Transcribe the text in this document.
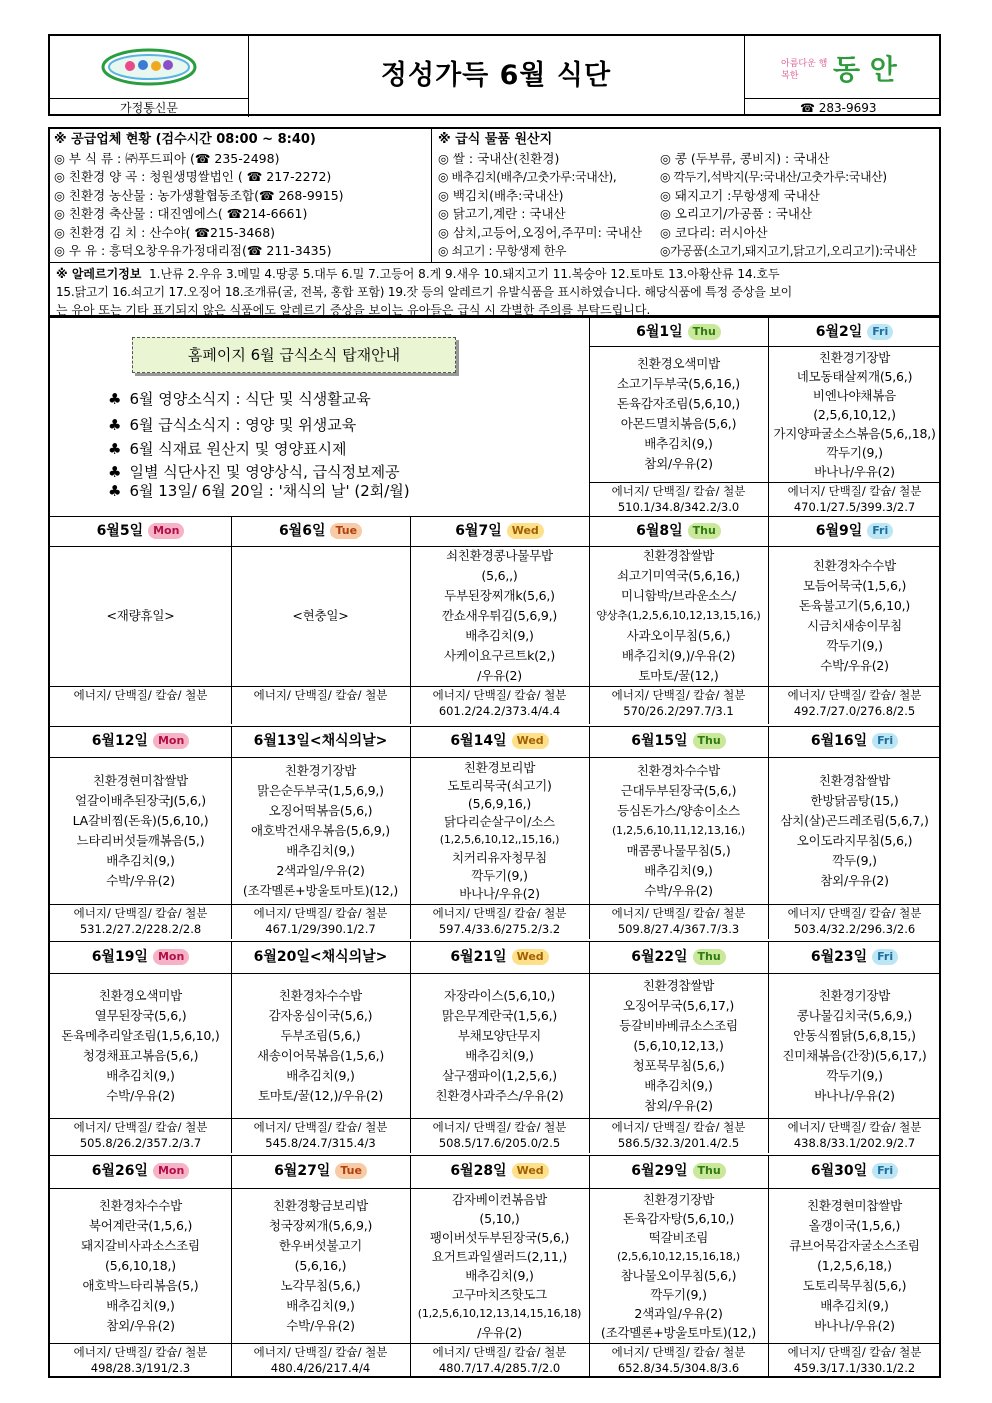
가정통신문
정성가득 6월 식단	아름다운 행복한	동 안
☎ 283-9693
※ 공급업체 현황 (검수시간 08:00 ~ 8:40)
◎ 부 식 류 : ㈜푸드피아 (☎ 235-2498)
◎ 친환경 양 곡 : 청원생명쌀법인 ( ☎ 217-2272)
◎ 친환경 농산물 : 농가생활협동조합(☎ 268-9915)
◎ 친환경 축산물 : 대진엠에스( ☎214-6661)
◎ 친환경 김 치 : 산수야( ☎215-3468)
◎ 우 유 : 흥덕오창우유가정대리점(☎ 211-3435)
※ 급식 물품 원산지
◎ 쌀 : 국내산(친환경)	◎ 콩 (두부류, 콩비지) : 국내산
◎ 배추김치(배추/고춧가루:국내산),	◎ 깍두기,석박지(무:국내산/고춧가루:국내산)
◎ 백김치(배추:국내산)	◎ 돼지고기 :무항생제 국내산
◎ 닭고기,계란 : 국내산	◎ 오리고기/가공품 : 국내산
◎ 삼치,고등어,오징어,주꾸미: 국내산 ◎ 코다리: 러시아산
◎ 쇠고기 : 무항생제 한우	◎가공품(소고기,돼지고기,닭고기,오리고기):국내산
※ 알레르기정보 1.난류 2.우유 3.메밀 4.땅콩 5.대두 6.밀 7.고등어 8.게 9.새우 10.돼지고기 11.복숭아 12.토마토 13.아황산류 14.호두
15.닭고기 16.쇠고기 17.오징어 18.조개류(굴, 전복, 홍합 포함) 19.잣 등의 알레르기 유발식품을 표시하였습니다. 해당식품에 특정 증상을 보이
는 유아 또는 기타 표기되지 않은 식품에도 알레르기 증상을 보이는 유아들은 급식 시 각별한 주의를 부탁드립니다.
홈페이지 6월 급식소식 탑재안내
♣ 6월 영양소식지 : 식단 및 식생활교육
♣ 6월 급식소식지 : 영양 및 위생교육
♣ 6월 식재료 원산지 및 영양표시제
♣ 일별 식단사진 및 영양상식, 급식정보제공
♣ 6월 13일/ 6월 20일 : '채식의 날' (2회/월)
6월1일 Thu
친환경오색미밥
소고기두부국(5,6,16,)
돈육감자조림(5,6,10,)
아몬드멸치볶음(5,6,)
배추김치(9,)
참외/우유(2)
에너지/ 단백질/ 칼슘/ 철분
510.1/34.8/342.2/3.0
6월2일 Fri
친환경기장밥
네모동태살찌개(5,6,)
비엔나야채볶음
(2,5,6,10,12,)
가지양파굴소스볶음(5,6,,18,)
깍두기(9,)
바나나/우유(2)
에너지/ 단백질/ 칼슘/ 철분
470.1/27.5/399.3/2.7
6월5일 Mon
<재량휴일>
에너지/ 단백질/ 칼슘/ 철분
6월6일 Tue
<현충일>
에너지/ 단백질/ 칼슘/ 철분
6월7일 Wed
쇠친환경콩나물무밥
(5,6,,)
두부된장찌개k(5,6,)
깐쇼새우튀김(5,6,9,)
배추김치(9,)
사케이요구르트k(2,)
/우유(2)
에너지/ 단백질/ 칼슘/ 철분
601.2/24.2/373.4/4.4
6월8일 Thu
친환경찹쌀밥
쇠고기미역국(5,6,16,)
미니함박/브라운소스/
양상추(1,2,5,6,10,12,13,15,16,)
사과오이무침(5,6,)
배추김치(9,)/우유(2)
토마토/꿀(12,)
에너지/ 단백질/ 칼슘/ 철분
570/26.2/297.7/3.1
6월9일 Fri
친환경차수수밥
모듬어묵국(1,5,6,)
돈육불고기(5,6,10,)
시금치새송이무침
깍두기(9,)
수박/우유(2)
에너지/ 단백질/ 칼슘/ 철분
492.7/27.0/276.8/2.5
6월12일 Mon
친환경현미찹쌀밥
얼갈이배추된장국J(5,6,)
LA갈비찜(돈육)(5,6,10,)
느타리버섯들깨볶음(5,)
배추김치(9,)
수박/우유(2)
에너지/ 단백질/ 칼슘/ 철분
531.2/27.2/228.2/2.8
6월13일<채식의날>
친환경기장밥
맑은순두부국(1,5,6,9,)
오징어떡볶음(5,6,)
애호박건새우볶음(5,6,9,)
배추김치(9,)
2색과일/우유(2)
(조각멜론+방울토마토)(12,)
에너지/ 단백질/ 칼슘/ 철분
467.1/29/390.1/2.7
6월14일 Wed
친환경보리밥
도토리묵국(쇠고기)
(5,6,9,16,)
닭다리순살구이/소스
(1,2,5,6,10,12,,15,16,)
치커리유자청무침
깍두기(9,)
바나나/우유(2)
에너지/ 단백질/ 칼슘/ 철분
597.4/33.6/275.2/3.2
6월15일 Thu
친환경차수수밥
근대두부된장국(5,6,)
등심돈가스/양송이소스
(1,2,5,6,10,11,12,13,16,)
매콤콩나물무침(5,)
배추김치(9,)
수박/우유(2)
에너지/ 단백질/ 칼슘/ 철분
509.8/27.4/367.7/3.3
6월16일 Fri
친환경찹쌀밥
한방닭곰탕(15,)
삼치(살)곤드레조림(5,6,7,)
오이도라지무침(5,6,)
깍두(9,)
참외/우유(2)
에너지/ 단백질/ 칼슘/ 철분
503.4/32.2/296.3/2.6
6월19일 Mon
친환경오색미밥
열무된장국(5,6,)
돈육메추리알조림(1,5,6,10,)
청경채표고볶음(5,6,)
배추김치(9,)
수박/우유(2)
에너지/ 단백질/ 칼슘/ 철분
505.8/26.2/357.2/3.7
6월20일<채식의날>
친환경차수수밥
감자옹심이국(5,6,)
두부조림(5,6,)
새송이어묵볶음(1,5,6,)
배추김치(9,)
토마토/꿀(12,)/우유(2)
에너지/ 단백질/ 칼슘/ 철분
545.8/24.7/315.4/3
6월21일 Wed
자장라이스(5,6,10,)
맑은무계란국(1,5,6,)
부채모양단무지
배추김치(9,)
살구잼파이(1,2,5,6,)
친환경사과주스/우유(2)
에너지/ 단백질/ 칼슘/ 철분
508.5/17.6/205.0/2.5
6월22일 Thu
친환경찹쌀밥
오징어무국(5,6,17,)
등갈비바베큐소스조림
(5,6,10,12,13,)
청포묵무침(5,6,)
배추김치(9,)
참외/우유(2)
에너지/ 단백질/ 칼슘/ 철분
586.5/32.3/201.4/2.5
6월23일 Fri
친환경기장밥
콩나물김치국(5,6,9,)
안동식찜닭(5,6,8,15,)
진미채볶음(간장)(5,6,17,)
깍두기(9,)
바나나/우유(2)
에너지/ 단백질/ 칼슘/ 철분
438.8/33.1/202.9/2.7
6월26일 Mon
친환경차수수밥
북어계란국(1,5,6,)
돼지갈비사과소스조림
(5,6,10,18,)
애호박느타리볶음(5,)
배추김치(9,)
참외/우유(2)
에너지/ 단백질/ 칼슘/ 철분
498/28.3/191/2.3
6월27일 Tue
친환경황금보리밥
청국장찌개(5,6,9,)
한우버섯불고기
(5,6,16,)
노각무침(5,6,)
배추김치(9,)
수박/우유(2)
에너지/ 단백질/ 칼슘/ 철분
480.4/26/217.4/4
6월28일 Wed
감자베이컨볶음밥
(5,10,)
팽이버섯두부된장국(5,6,)
요거트과일샐러드(2,11,)
배추김치(9,)
고구마치즈핫도그
(1,2,5,6,10,12,13,14,15,16,18)
/우유(2)
에너지/ 단백질/ 칼슘/ 철분
480.7/17.4/285.7/2.0
6월29일 Thu
친환경기장밥
돈육감자탕(5,6,10,)
떡갈비조림
(2,5,6,10,12,15,16,18,)
참나물오이무침(5,6,)
깍두기(9,)
2색과일/우유(2)
(조각멜론+방울토마토)(12,)
에너지/ 단백질/ 칼슘/ 철분
652.8/34.5/304.8/3.6
6월30일 Fri
친환경현미찹쌀밥
올갱이국(1,5,6,)
큐브어묵감자굴소스조림
(1,2,5,6,18,)
도토리묵무침(5,6,)
배추김치(9,)
바나나/우유(2)
에너지/ 단백질/ 칼슘/ 철분
459.3/17.1/330.1/2.2
